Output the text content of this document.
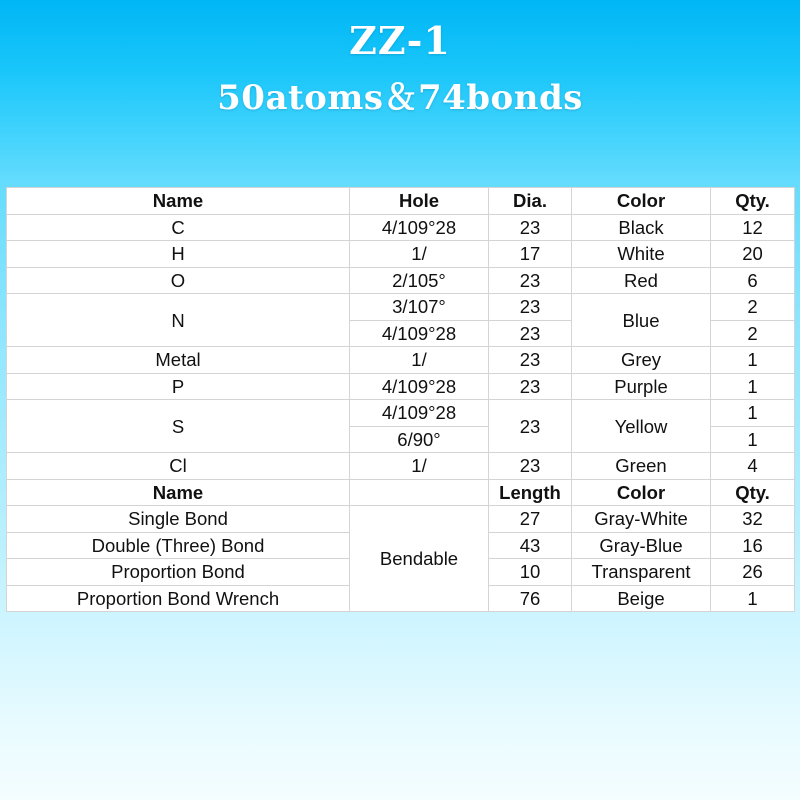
ZZ-1
50atoms＆74bonds
Name	Hole	Dia.	Color	Qty.
C	4/109°28	23	Black	12
H	1/	17	White	20
O	2/105°	23	Red	6
N	3/107°	23	Blue	2
	4/109°28	23		2
Metal	1/	23	Grey	1
P	4/109°28	23	Purple	1
S	4/109°28	23	Yellow	1
	6/90°			1
Cl	1/	23	Green	4
Name		Length	Color	Qty.
Single Bond	Bendable	27	Gray-White	32
Double (Three) Bond		43	Gray-Blue	16
Proportion Bond		10	Transparent	26
Proportion Bond Wrench		76	Beige	1
